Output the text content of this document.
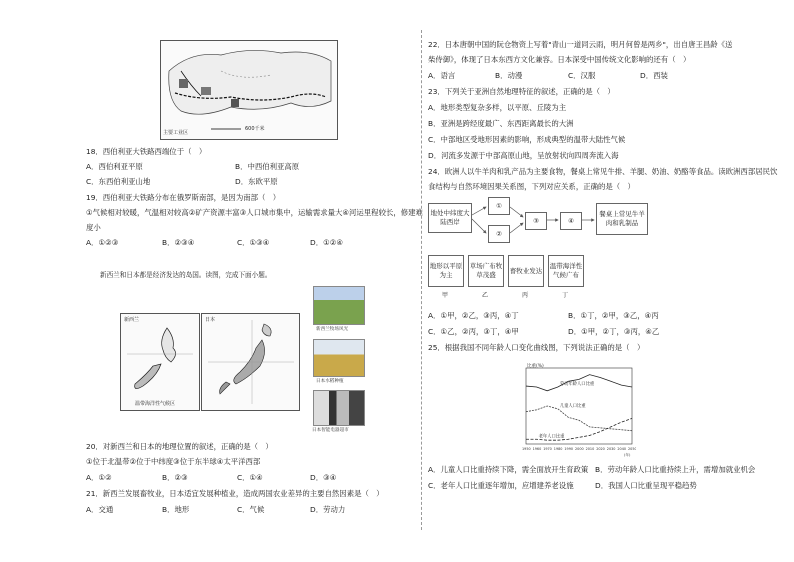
600千米
主要工业区
18．西伯利亚大铁路西端位于（　）
A．西伯利亚平原	B．中西伯利亚高原
C．东西伯利亚山地	D．东欧平原
19．西伯利亚大铁路分布在俄罗斯南部，是因为南部（　）
①气候相对较暖，气温相对较高②矿产资源丰富③人口城市集中，运输需求量大④河运里程较长，修建难
度小
A．①②③	B．②③④	C．①③④	D．①②④
新西兰和日本都是经济发达的岛国。读图，完成下面小题。
新西兰
温带海洋性气候区
日本
新西兰牧场风光
日本水稻种植
日本智能电器超市
20．对新西兰和日本的地理位置的叙述，正确的是（　）
①位于北温带②位于中纬度③位于东半球④太平洋西部
A．①②	B．②③	C．①④	D．③④
21．新西兰发展畜牧业，日本适宜发展种植业，造成两国农业差异的主要自然因素是（　）
A．交通	B．地形	C．气候	D．劳动力
22．日本唐朝中国的阮仓物资上写着"青山一道同云雨，明月何曾是两乡"，出自唐王昌龄《送
柴侍御》，体现了日本东西方文化兼容。日本深受中国传统文化影响的还有（　）
A．语言	B．动漫	C．汉服	D．西装
23．下列关于亚洲自然地理特征的叙述，正确的是（　）
A．地形类型复杂多样，以平原、丘陵为主
B．亚洲是跨经度最广、东西距离最长的大洲
C．中部地区受地形因素的影响，形成典型的温带大陆性气候
D．河流多发源于中部高原山地，呈放射状向四周奔流入海
24．欧洲人以牛羊肉和乳产品为主要食物，餐桌上常见牛排、羊腿、奶油、奶酪等食品。读欧洲西部居民饮
食结构与自然环境因果关系图，下列对应关系，正确的是（　）
地处中纬度大陆西岸
①
②
③	④
餐桌上常见牛羊肉和乳制品
地形以平原为主
草场广布牧草茂盛
畜牧业发达
温带海洋性气候广布
甲	乙	丙	丁
A．①甲，②乙，③丙，④丁	B．①丁，②甲，③乙，④丙
C．①乙，②丙，③丁，④甲	D．①甲，②丁，③丙，④乙
25．根据我国不同年龄人口变化曲线图，下列说法正确的是（　）
比重(%)
劳动年龄人口比重
儿童人口比重
老年人口比重
1950 1960 1970 1980 1990 2000 2010 2020 2030 2040 2050
(年)
A．儿童人口比重持续下降，需全面放开生育政策 B．劳动年龄人口比重持续上升，需增加就业机会
C．老年人口比重逐年增加，应增建养老设施	D．我国人口比重呈现平稳趋势
